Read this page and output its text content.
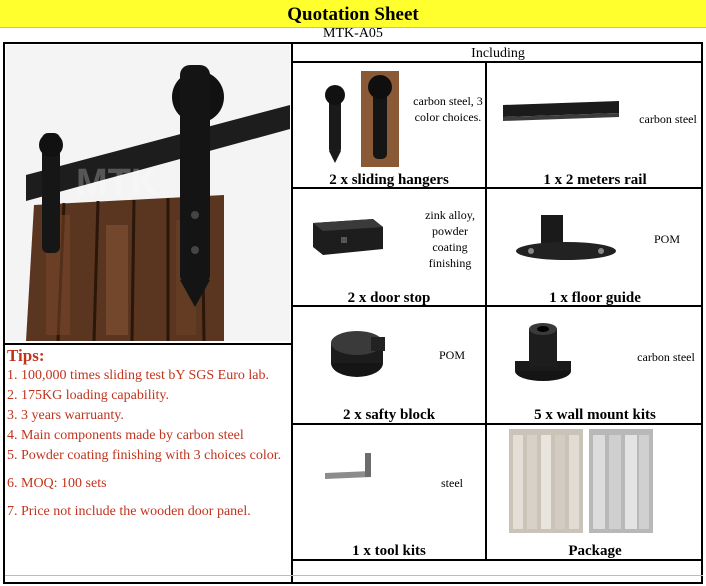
Quotation Sheet
MTK-A05
Including
MTK
carbon steel, 3 color choices.
2 x sliding hangers
carbon steel
1 x 2 meters rail
zink alloy, powder coating finishing
2 x door stop
POM
1 x floor guide
POM
2 x safty block
carbon steel
5 x wall mount kits
steel
1 x tool kits	Package

Tips:

1. 100,000 times sliding test bY SGS Euro lab.

2. 175KG loading capability.

3. 3 years warruanty.

4. Main components made by carbon steel

5. Powder coating finishing with 3 choices color.

6. MOQ: 100 sets

7. Price not include the wooden door panel.
